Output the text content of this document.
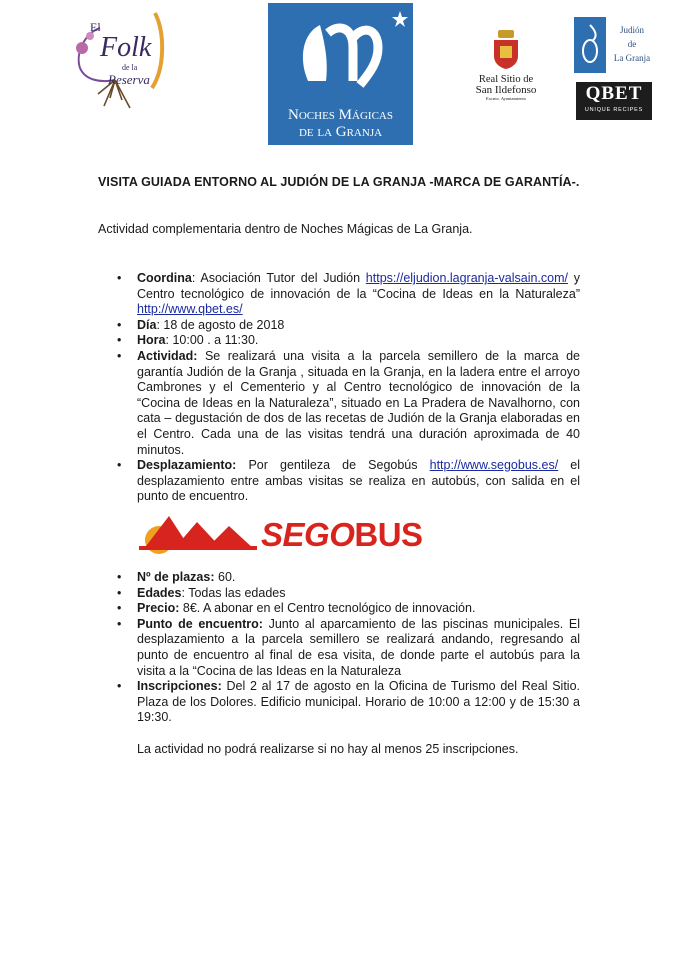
El
Folk
de la
Reserva
Noches Mágicas
de la Granja
Real Sitio de
San Ildefonso
Excmo. Ayuntamiento
Judión
de
La Granja
QBET
UNIQUE RECIPES
VISITA GUIADA ENTORNO AL JUDIÓN DE LA GRANJA -MARCA DE GARANTÍA-.
Actividad complementaria dentro de Noches Mágicas de La Granja.
• Coordina: Asociación Tutor del Judión https://eljudion.lagranja-valsain.com/ y Centro tecnológico de innovación de la “Cocina de Ideas en la Naturaleza” http://www.qbet.es/
• Día: 18 de agosto de 2018
• Hora: 10:00 . a 11:30.
• Actividad: Se realizará una visita a la parcela semillero de la marca de garantía Judión de la Granja , situada en la Granja, en la ladera entre el arroyo Cambrones y el Cementerio y al Centro tecnológico de innovación de la “Cocina de Ideas en la Naturaleza”, situado en La Pradera de Navalhorno, con cata – degustación de dos de las recetas de Judión de la Granja elaboradas en el Centro. Cada una de las visitas tendrá una duración aproximada de 40 minutos.
• Desplazamiento: Por gentileza de Segobús http://www.segobus.es/ el desplazamiento entre ambas visitas se realiza en autobús, con salida en el punto de encuentro.
SEGOBUS
• Nº de plazas: 60.
• Edades: Todas las edades
• Precio: 8€. A abonar en el Centro tecnológico de innovación.
• Punto de encuentro: Junto al aparcamiento de las piscinas municipales. El desplazamiento a la parcela semillero se realizará andando, regresando al punto de encuentro al final de esa visita, de donde parte el autobús para la visita a la “Cocina de las Ideas en la Naturaleza
• Inscripciones: Del 2 al 17 de agosto en la Oficina de Turismo del Real Sitio. Plaza de los Dolores. Edificio municipal. Horario de 10:00 a 12:00 y de 15:30 a 19:30.
La actividad no podrá realizarse si no hay al menos 25 inscripciones.
